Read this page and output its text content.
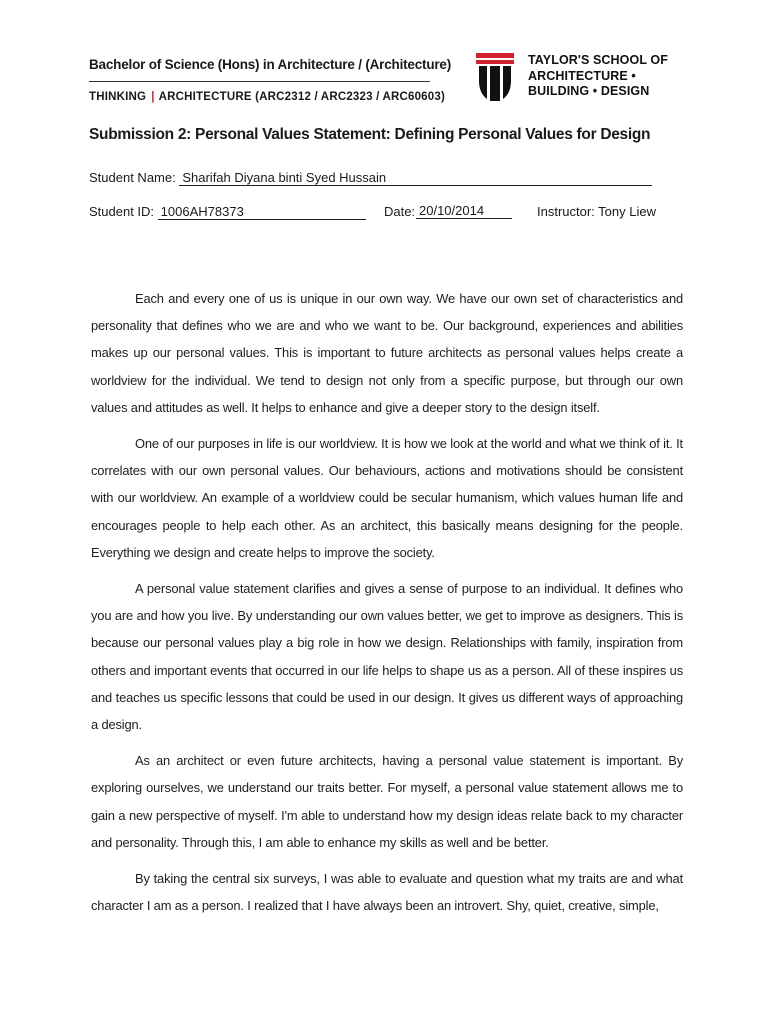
Bachelor of Science (Hons) in Architecture / (Architecture)
THINKING | ARCHITECTURE (ARC2312 / ARC2323 / ARC60603)
TAYLOR'S SCHOOL OF
ARCHITECTURE •
BUILDING • DESIGN
Submission 2: Personal Values Statement: Defining Personal Values for Design
Student Name: Sharifah Diyana binti Syed Hussain
Student ID: 1006AH78373	Date: 20/10/2014	Instructor: Tony Liew

Each and every one of us is unique in our own way. We have our own set of characteristics and personality that defines who we are and who we want to be. Our background, experiences and abilities makes up our personal values. This is important to future architects as personal values helps create a worldview for the individual. We tend to design not only from a specific purpose, but through our own values and attitudes as well. It helps to enhance and give a deeper story to the design itself.

One of our purposes in life is our worldview. It is how we look at the world and what we think of it. It correlates with our own personal values. Our behaviours, actions and motivations should be consistent with our worldview. An example of a worldview could be secular humanism, which values human life and encourages people to help each other. As an architect, this basically means designing for the people. Everything we design and create helps to improve the society.

A personal value statement clarifies and gives a sense of purpose to an individual. It defines who you are and how you live. By understanding our own values better, we get to improve as designers. This is because our personal values play a big role in how we design. Relationships with family, inspiration from others and important events that occurred in our life helps to shape us as a person. All of these inspires us and teaches us specific lessons that could be used in our design. It gives us different ways of approaching a design.

As an architect or even future architects, having a personal value statement is important. By exploring ourselves, we understand our traits better. For myself, a personal value statement allows me to gain a new perspective of myself. I'm able to understand how my design ideas relate back to my character and personality. Through this, I am able to enhance my skills as well and be better.

By taking the central six surveys, I was able to evaluate and question what my traits are and what character I am as a person. I realized that I have always been an introvert. Shy, quiet, creative, simple,
